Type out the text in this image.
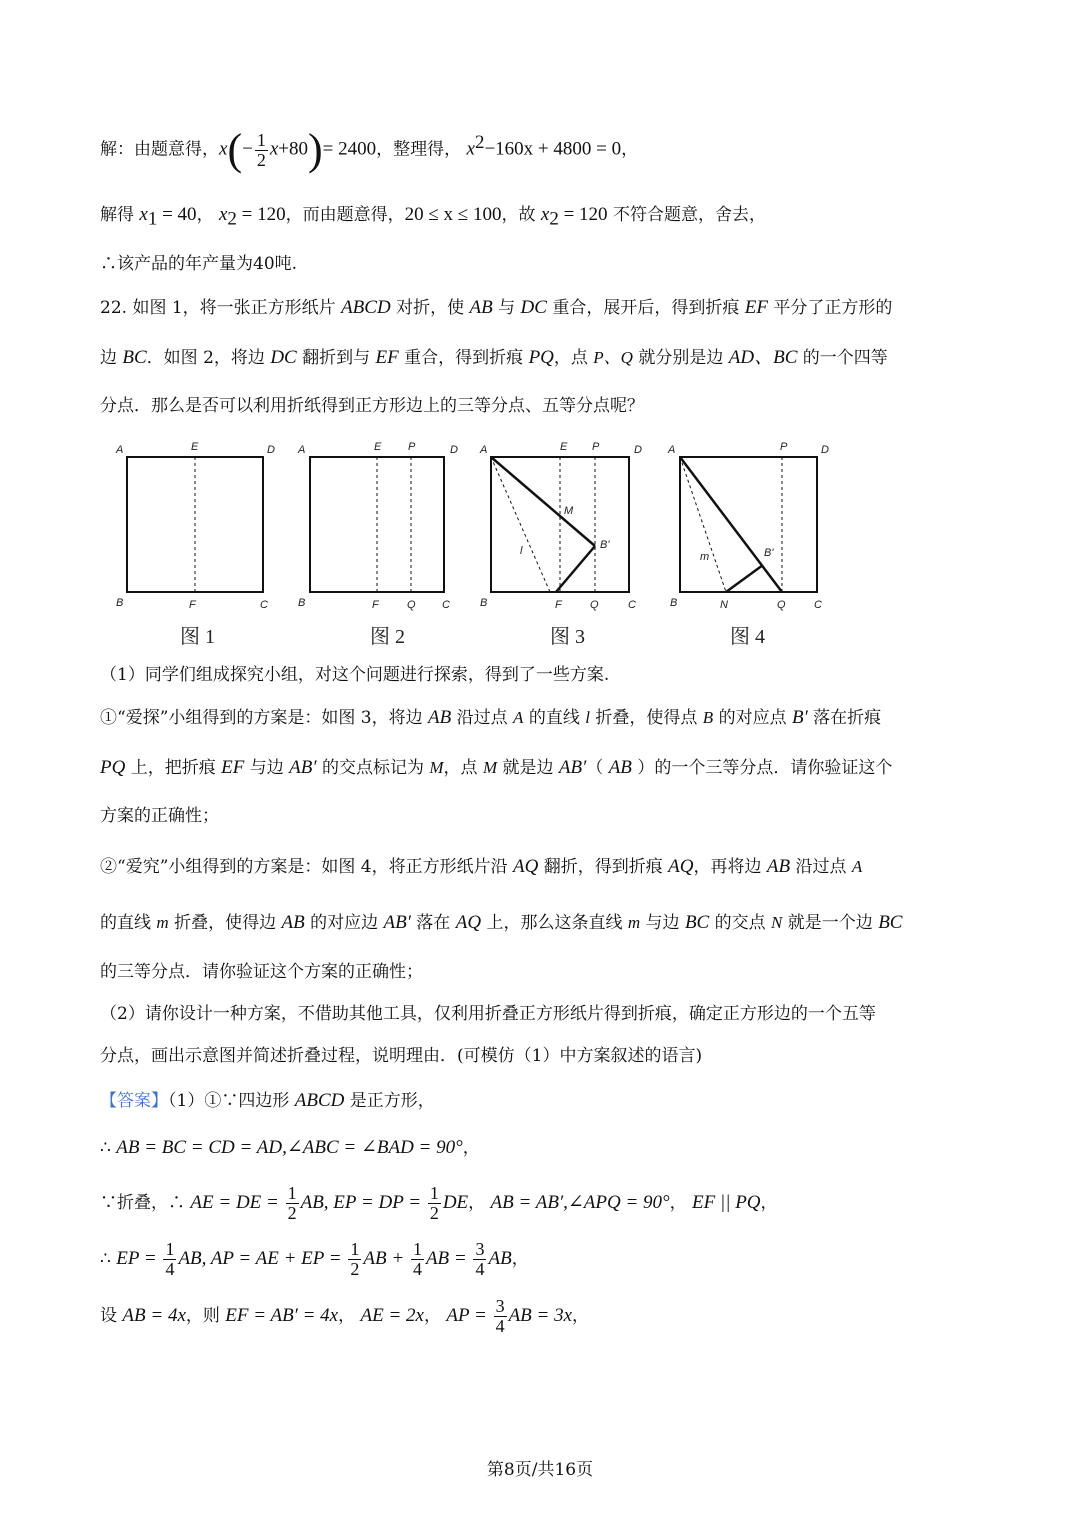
解：由题意得，$x(- \frac{1}{2} x+80)= 2400$，整理得， $x^2-160x + 4800 = 0$，
解得 $x_1 = 40$， $x_2 = 120$，而由题意得，20 ≤ x ≤ 100，故 $x_2 = 120$ 不符合题意，舍去，
∴该产品的年产量为40吨.
22. 如图 1，将一张正方形纸片 ABCD 对折，使 AB 与 DC 重合，展开后，得到折痕 EF 平分了正方形的
边 BC．如图 2，将边 DC 翻折到与 EF 重合，得到折痕 PQ，点 P、Q 就分别是边 AD、BC 的一个四等
分点．那么是否可以利用折纸得到正方形边上的三等分点、五等分点呢？
A	E	D
B	F	C
A	E P	D
B	F	Q C
A	E P	D
M
B'
l
B	F	Q	C
A	P	D
m	B'
B	N	Q	C
图 1	图 2	图 3	图 4
（1）同学们组成探究小组，对这个问题进行探索，得到了一些方案.
①“爱探”小组得到的方案是：如图 3，将边 AB 沿过点 A 的直线 l 折叠，使得点 B 的对应点 B′ 落在折痕
PQ 上，把折痕 EF 与边 AB′ 的交点标记为 M，点 M 就是边 AB′（ AB ）的一个三等分点．请你验证这个
方案的正确性；
②“爱究”小组得到的方案是：如图 4，将正方形纸片沿 AQ 翻折，得到折痕 AQ，再将边 AB 沿过点 A
的直线 m 折叠，使得边 AB 的对应边 AB′ 落在 AQ 上，那么这条直线 m 与边 BC 的交点 N 就是一个边 BC
的三等分点．请你验证这个方案的正确性；
（2）请你设计一种方案，不借助其他工具，仅利用折叠正方形纸片得到折痕，确定正方形边的一个五等
分点，画出示意图并简述折叠过程，说明理由．(可模仿（1）中方案叙述的语言)
【答案】（1）①∵四边形 ABCD 是正方形，
∴ AB = BC = CD = AD,∠ABC = ∠BAD = 90°，
∵折叠，∴ AE = DE = $\frac{1}{2}$ AB, EP = DP = $\frac{1}{2}$ DE， AB = AB′,∠APQ = 90°， EF || PQ，
∴ EP = $\frac{1}{4}$ AB, AP = AE + EP = $\frac{1}{2}$ AB + $\frac{1}{4}$ AB = $\frac{3}{4}$ AB，
设 AB = 4x，则 EF = AB′ = 4x， AE = 2x， AP = $\frac{3}{4}$ AB = 3x，
第8页/共16页
